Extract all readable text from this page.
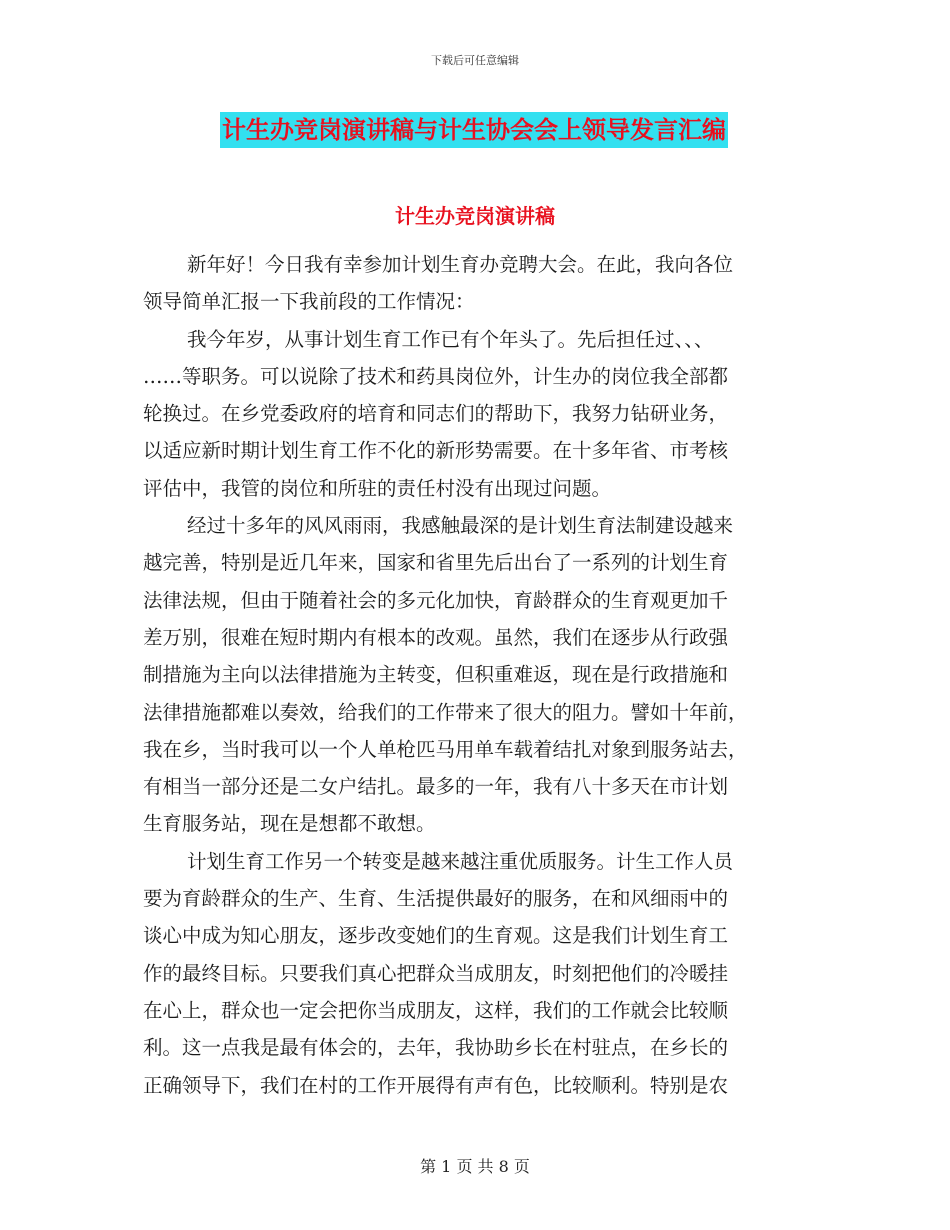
下载后可任意编辑
计生办竞岗演讲稿与计生协会会上领导发言汇编
计生办竞岗演讲稿
新年好！今日我有幸参加计划生育办竞聘大会。在此，我向各位
领导简单汇报一下我前段的工作情况：
我今年岁，从事计划生育工作已有个年头了。先后担任过、、、
……等职务。可以说除了技术和药具岗位外，计生办的岗位我全部都
轮换过。在乡党委政府的培育和同志们的帮助下，我努力钻研业务，
以适应新时期计划生育工作不化的新形势需要。在十多年省、市考核
评估中，我管的岗位和所驻的责任村没有出现过问题。
经过十多年的风风雨雨，我感触最深的是计划生育法制建设越来
越完善，特别是近几年来，国家和省里先后出台了一系列的计划生育
法律法规，但由于随着社会的多元化加快，育龄群众的生育观更加千
差万别，很难在短时期内有根本的改观。虽然，我们在逐步从行政强
制措施为主向以法律措施为主转变，但积重难返，现在是行政措施和
法律措施都难以奏效，给我们的工作带来了很大的阻力。譬如十年前，
我在乡，当时我可以一个人单枪匹马用单车载着结扎对象到服务站去，
有相当一部分还是二女户结扎。最多的一年，我有八十多天在市计划
生育服务站，现在是想都不敢想。
计划生育工作另一个转变是越来越注重优质服务。计生工作人员
要为育龄群众的生产、生育、生活提供最好的服务，在和风细雨中的
谈心中成为知心朋友，逐步改变她们的生育观。这是我们计划生育工
作的最终目标。只要我们真心把群众当成朋友，时刻把他们的冷暖挂
在心上，群众也一定会把你当成朋友，这样，我们的工作就会比较顺
利。这一点我是最有体会的，去年，我协助乡长在村驻点，在乡长的
正确领导下，我们在村的工作开展得有声有色，比较顺利。特别是农
第 1 页 共 8 页
